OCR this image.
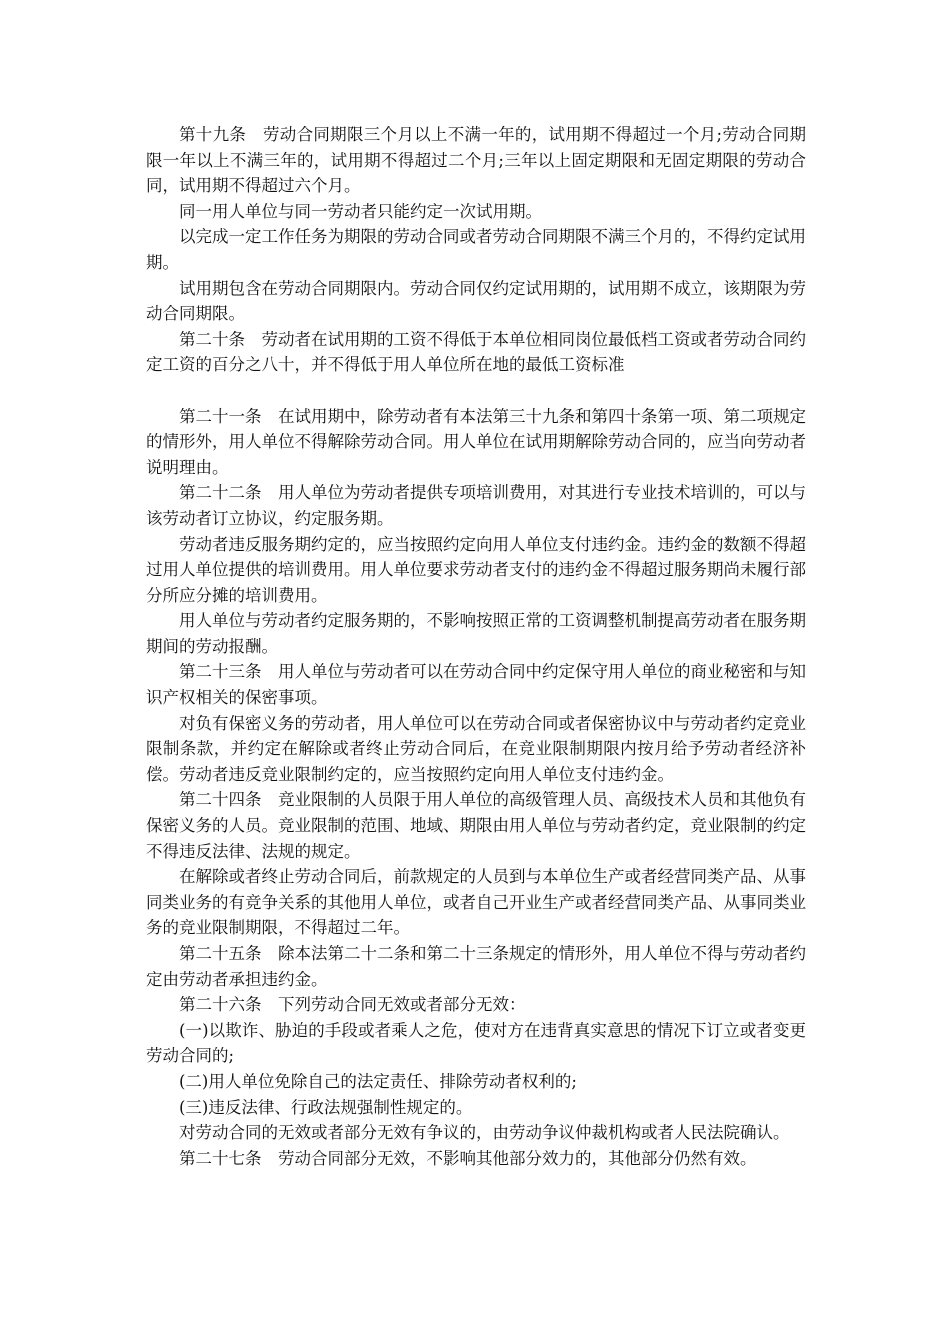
第十九条　劳动合同期限三个月以上不满一年的，试用期不得超过一个月;劳动合同期限一年以上不满三年的，试用期不得超过二个月;三年以上固定期限和无固定期限的劳动合同，试用期不得超过六个月。

同一用人单位与同一劳动者只能约定一次试用期。

以完成一定工作任务为期限的劳动合同或者劳动合同期限不满三个月的，不得约定试用期。

试用期包含在劳动合同期限内。劳动合同仅约定试用期的，试用期不成立，该期限为劳动合同期限。

第二十条　劳动者在试用期的工资不得低于本单位相同岗位最低档工资或者劳动合同约定工资的百分之八十，并不得低于用人单位所在地的最低工资标准

第二十一条　在试用期中，除劳动者有本法第三十九条和第四十条第一项、第二项规定的情形外，用人单位不得解除劳动合同。用人单位在试用期解除劳动合同的，应当向劳动者说明理由。

第二十二条　用人单位为劳动者提供专项培训费用，对其进行专业技术培训的，可以与该劳动者订立协议，约定服务期。

劳动者违反服务期约定的，应当按照约定向用人单位支付违约金。违约金的数额不得超过用人单位提供的培训费用。用人单位要求劳动者支付的违约金不得超过服务期尚未履行部分所应分摊的培训费用。

用人单位与劳动者约定服务期的，不影响按照正常的工资调整机制提高劳动者在服务期期间的劳动报酬。

第二十三条　用人单位与劳动者可以在劳动合同中约定保守用人单位的商业秘密和与知识产权相关的保密事项。

对负有保密义务的劳动者，用人单位可以在劳动合同或者保密协议中与劳动者约定竞业限制条款，并约定在解除或者终止劳动合同后，在竞业限制期限内按月给予劳动者经济补偿。劳动者违反竞业限制约定的，应当按照约定向用人单位支付违约金。

第二十四条　竞业限制的人员限于用人单位的高级管理人员、高级技术人员和其他负有保密义务的人员。竞业限制的范围、地域、期限由用人单位与劳动者约定，竞业限制的约定不得违反法律、法规的规定。

在解除或者终止劳动合同后，前款规定的人员到与本单位生产或者经营同类产品、从事同类业务的有竞争关系的其他用人单位，或者自己开业生产或者经营同类产品、从事同类业务的竞业限制期限，不得超过二年。

第二十五条　除本法第二十二条和第二十三条规定的情形外，用人单位不得与劳动者约定由劳动者承担违约金。

第二十六条　下列劳动合同无效或者部分无效：

(一)以欺诈、胁迫的手段或者乘人之危，使对方在违背真实意思的情况下订立或者变更劳动合同的;

(二)用人单位免除自己的法定责任、排除劳动者权利的;

(三)违反法律、行政法规强制性规定的。

对劳动合同的无效或者部分无效有争议的，由劳动争议仲裁机构或者人民法院确认。

第二十七条　劳动合同部分无效，不影响其他部分效力的，其他部分仍然有效。
